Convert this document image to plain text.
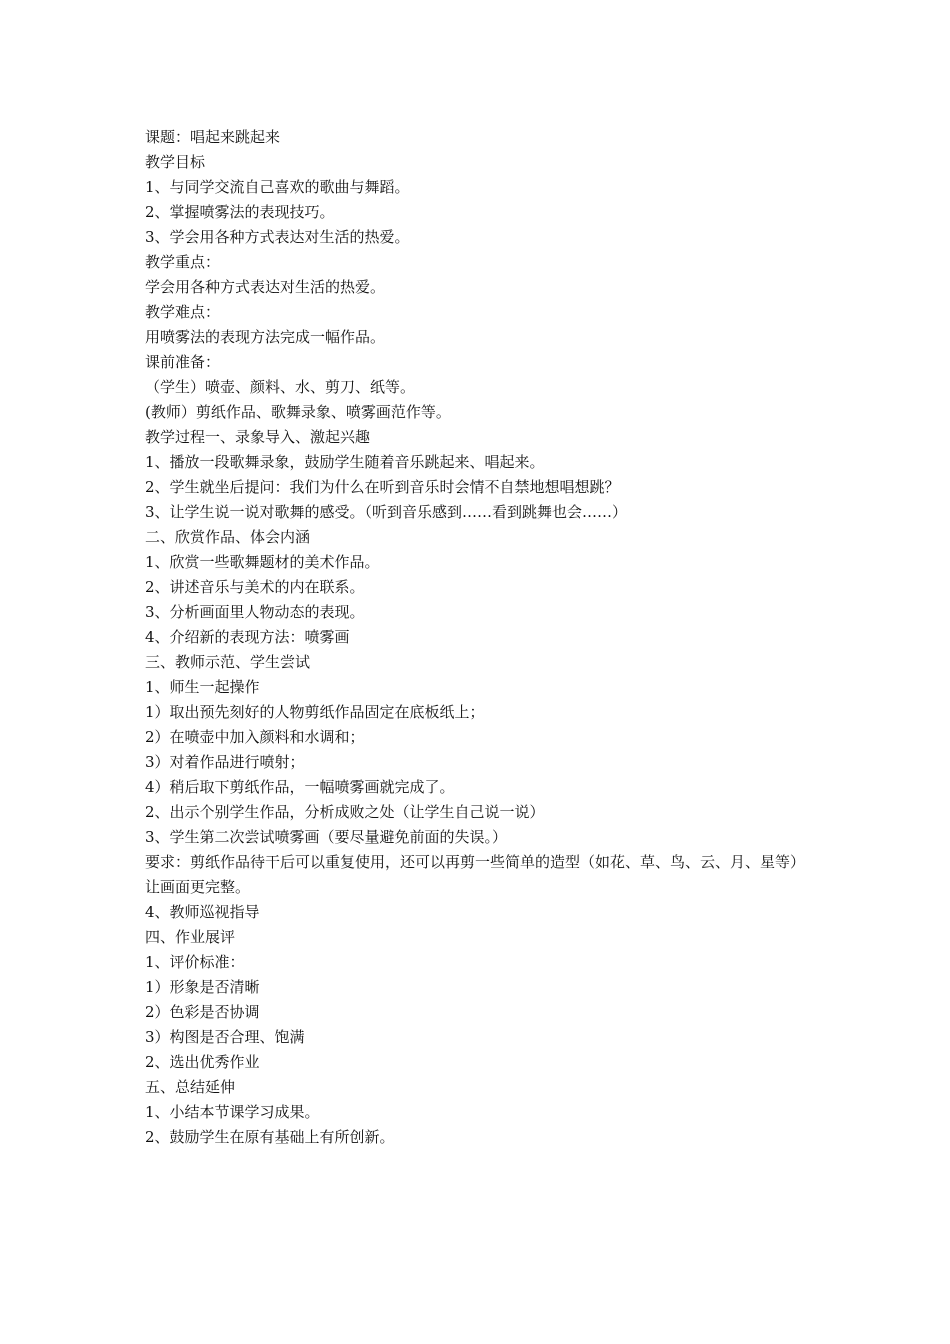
课题：唱起来跳起来
教学目标
1、与同学交流自己喜欢的歌曲与舞蹈。
2、掌握喷雾法的表现技巧。
3、学会用各种方式表达对生活的热爱。
教学重点：
学会用各种方式表达对生活的热爱。
教学难点：
用喷雾法的表现方法完成一幅作品。
课前准备：
（学生）喷壶、颜料、水、剪刀、纸等。
(教师）剪纸作品、歌舞录象、喷雾画范作等。
教学过程一、录象导入、激起兴趣
1、播放一段歌舞录象，鼓励学生随着音乐跳起来、唱起来。
2、学生就坐后提问：我们为什么在听到音乐时会情不自禁地想唱想跳？
3、让学生说一说对歌舞的感受。（听到音乐感到……看到跳舞也会……）
二、欣赏作品、体会内涵
1、欣赏一些歌舞题材的美术作品。
2、讲述音乐与美术的内在联系。
3、分析画面里人物动态的表现。
4、介绍新的表现方法：喷雾画
三、教师示范、学生尝试
1、师生一起操作
1）取出预先刻好的人物剪纸作品固定在底板纸上；
2）在喷壶中加入颜料和水调和；
3）对着作品进行喷射；
4）稍后取下剪纸作品，一幅喷雾画就完成了。
2、出示个别学生作品，分析成败之处（让学生自己说一说）
3、学生第二次尝试喷雾画（要尽量避免前面的失误。）
要求：剪纸作品待干后可以重复使用，还可以再剪一些简单的造型（如花、草、鸟、云、月、星等）让画面更完整。
4、教师巡视指导
四、作业展评
1、评价标准：
1）形象是否清晰
2）色彩是否协调
3）构图是否合理、饱满
2、选出优秀作业
五、总结延伸
1、小结本节课学习成果。
2、鼓励学生在原有基础上有所创新。
